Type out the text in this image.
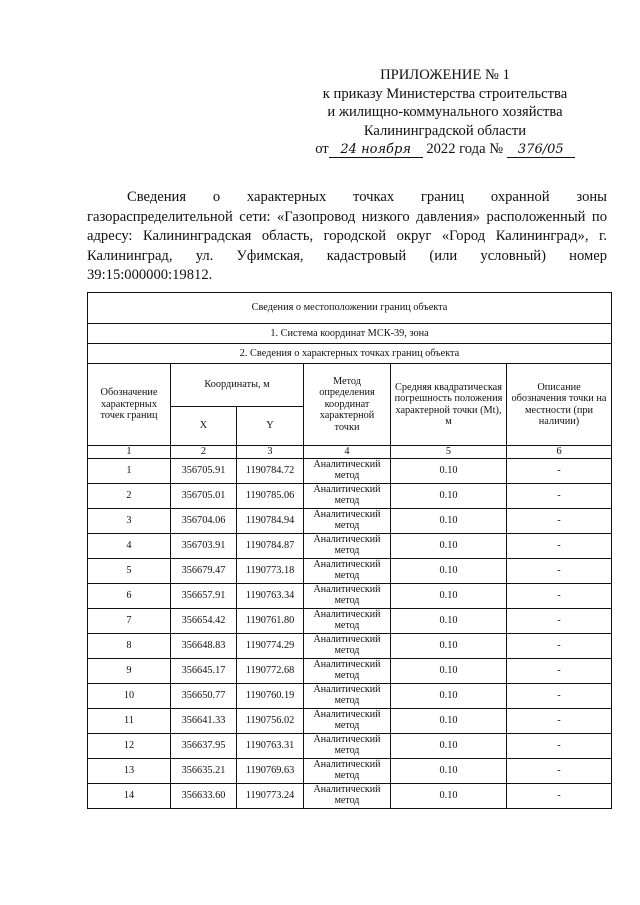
ПРИЛОЖЕНИЕ № 1
к приказу Министерства строительства
и жилищно-коммунального хозяйства
Калининградской области
от 24 ноября 2022 года № 376/05

Сведения о характерных точках границ охранной зоны газораспределительной сети: «Газопровод низкого давления» расположенный по адресу: Калининградская область, городской округ «Город Калининград», г. Калининград, ул. Уфимская, кадастровый (или условный) номер 39:15:000000:19812.

Сведения о местоположении границ объекта					
1. Система координат МСК-39, зона					
2. Сведения о характерных точках границ объекта					
Обозначение характерных точек границ	Координаты, м		Метод определения координат характерной точки	Средняя квадратическая погрешность положения характерной точки (Mt), м	Описание обозначения точки на местности (при наличии)
	X	Y			
1	2	3	4	5	6
1	356705.91	1190784.72	Аналитический метод	0.10	-
2	356705.01	1190785.06	Аналитический метод	0.10	-
3	356704.06	1190784.94	Аналитический метод	0.10	-
4	356703.91	1190784.87	Аналитический метод	0.10	-
5	356679.47	1190773.18	Аналитический метод	0.10	-
6	356657.91	1190763.34	Аналитический метод	0.10	-
7	356654.42	1190761.80	Аналитический метод	0.10	-
8	356648.83	1190774.29	Аналитический метод	0.10	-
9	356645.17	1190772.68	Аналитический метод	0.10	-
10	356650.77	1190760.19	Аналитический метод	0.10	-
11	356641.33	1190756.02	Аналитический метод	0.10	-
12	356637.95	1190763.31	Аналитический метод	0.10	-
13	356635.21	1190769.63	Аналитический метод	0.10	-
14	356633.60	1190773.24	Аналитический метод	0.10	-
